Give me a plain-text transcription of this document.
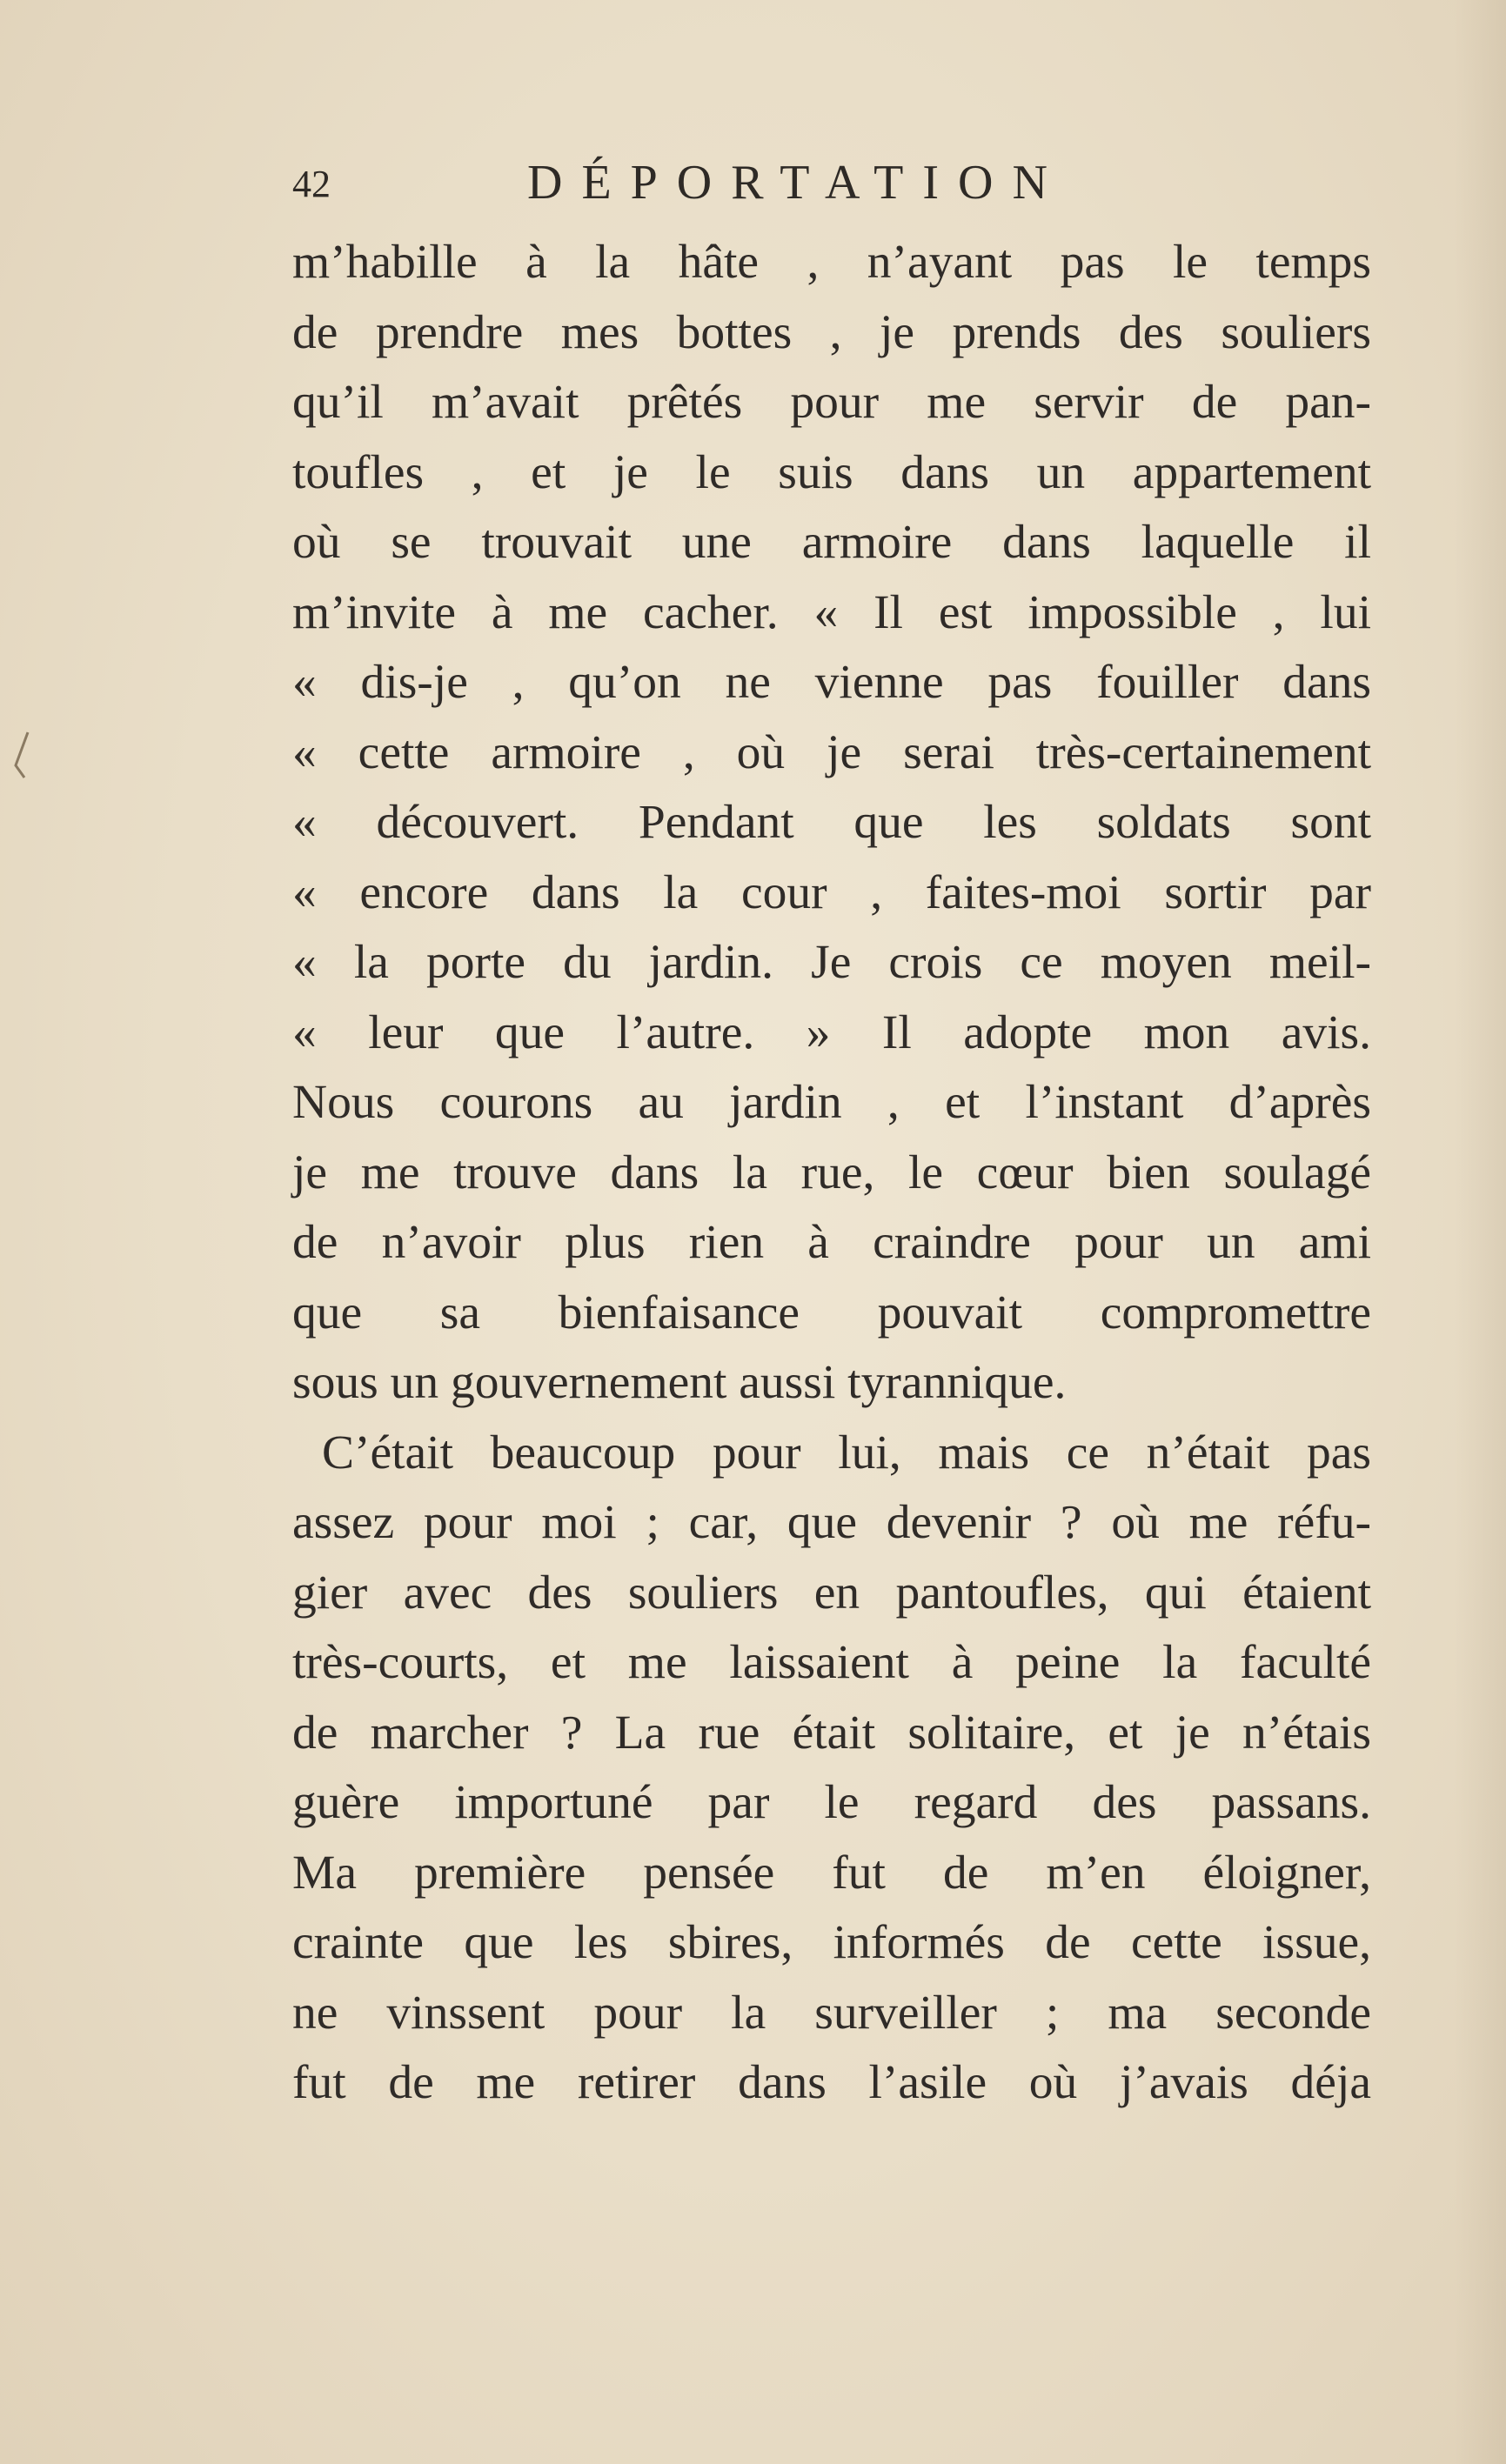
42	DÉPORTATION
m’habille à la hâte , n’ayant pas le temps
de prendre mes bottes , je prends des souliers
qu’il m’avait prêtés pour me servir de pan-
toufles , et je le suis dans un appartement
où se trouvait une armoire dans laquelle il
m’invite à me cacher. « Il est impossible , lui
« dis-je , qu’on ne vienne pas fouiller dans
« cette armoire , où je serai très-certainement
« découvert. Pendant que les soldats sont
« encore dans la cour , faites-moi sortir par
« la porte du jardin. Je crois ce moyen meil-
« leur que l’autre. » Il adopte mon avis.
Nous courons au jardin , et l’instant d’après
je me trouve dans la rue, le cœur bien soulagé
de n’avoir plus rien à craindre pour un ami
que sa bienfaisance pouvait compromettre
sous un gouvernement aussi tyrannique.
C’était beaucoup pour lui, mais ce n’était pas
assez pour moi ; car, que devenir ? où me réfu-
gier avec des souliers en pantoufles, qui étaient
très-courts, et me laissaient à peine la faculté
de marcher ? La rue était solitaire, et je n’étais
guère importuné par le regard des passans.
Ma première pensée fut de m’en éloigner,
crainte que les sbires, informés de cette issue,
ne vinssent pour la surveiller ; ma seconde
fut de me retirer dans l’asile où j’avais déja
